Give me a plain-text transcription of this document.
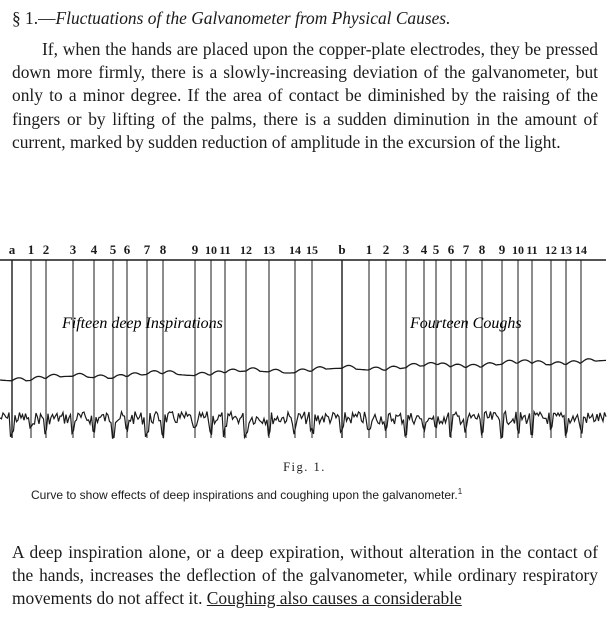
§ 1.—Fluctuations of the Galvanometer from Physical Causes.
If, when the hands are placed upon the copper-plate electrodes, they be pressed down more firmly, there is a slowly-increasing deviation of the galvanometer, but only to a minor degree. If the area of contact be diminished by the raising of the fingers or by lifting of the palms, there is a sudden diminution in the amount of current, marked by sudden reduction of amplitude in the excursion of the light.
a 1 2 3 4 5 6 7 8 9 10 11 12 13 14 15 b 1 2 3 4 5 6 7 8 9 10 11 12 13 14
Fifteen deep Inspirations	Fourteen Coughs
Fig. 1.
Curve to show effects of deep inspirations and coughing upon the galvanometer.$^1$
A deep inspiration alone, or a deep expiration, without alteration in the contact of the hands, increases the deflection of the galvanometer, while ordinary respiratory movements do not affect it. Coughing also causes a considerable
